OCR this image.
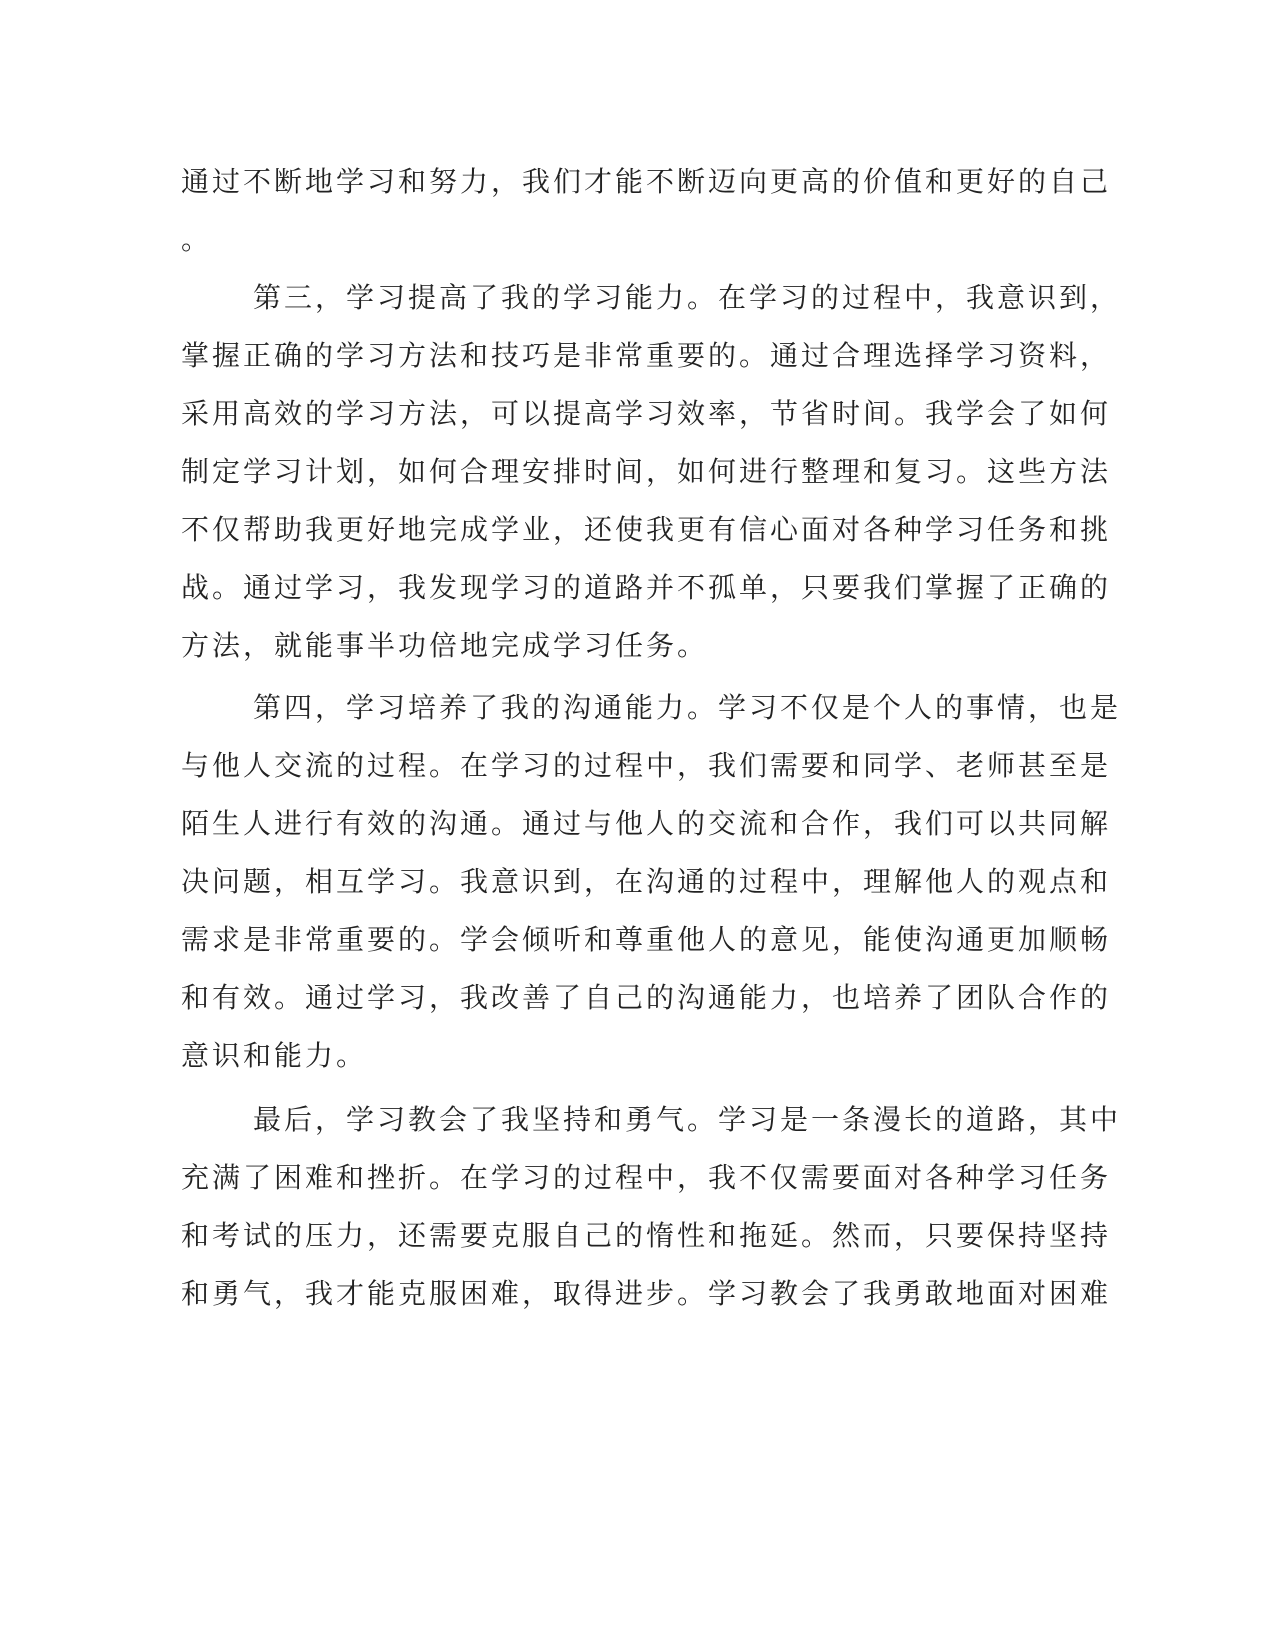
通过不断地学习和努力，我们才能不断迈向更高的价值和更好的自己
。
第三，学习提高了我的学习能力。在学习的过程中，我意识到，
掌握正确的学习方法和技巧是非常重要的。通过合理选择学习资料，
采用高效的学习方法，可以提高学习效率，节省时间。我学会了如何
制定学习计划，如何合理安排时间，如何进行整理和复习。这些方法
不仅帮助我更好地完成学业，还使我更有信心面对各种学习任务和挑
战。通过学习，我发现学习的道路并不孤单，只要我们掌握了正确的
方法，就能事半功倍地完成学习任务。
第四，学习培养了我的沟通能力。学习不仅是个人的事情，也是
与他人交流的过程。在学习的过程中，我们需要和同学、老师甚至是
陌生人进行有效的沟通。通过与他人的交流和合作，我们可以共同解
决问题，相互学习。我意识到，在沟通的过程中，理解他人的观点和
需求是非常重要的。学会倾听和尊重他人的意见，能使沟通更加顺畅
和有效。通过学习，我改善了自己的沟通能力，也培养了团队合作的
意识和能力。
最后，学习教会了我坚持和勇气。学习是一条漫长的道路，其中
充满了困难和挫折。在学习的过程中，我不仅需要面对各种学习任务
和考试的压力，还需要克服自己的惰性和拖延。然而，只要保持坚持
和勇气，我才能克服困难，取得进步。学习教会了我勇敢地面对困难
